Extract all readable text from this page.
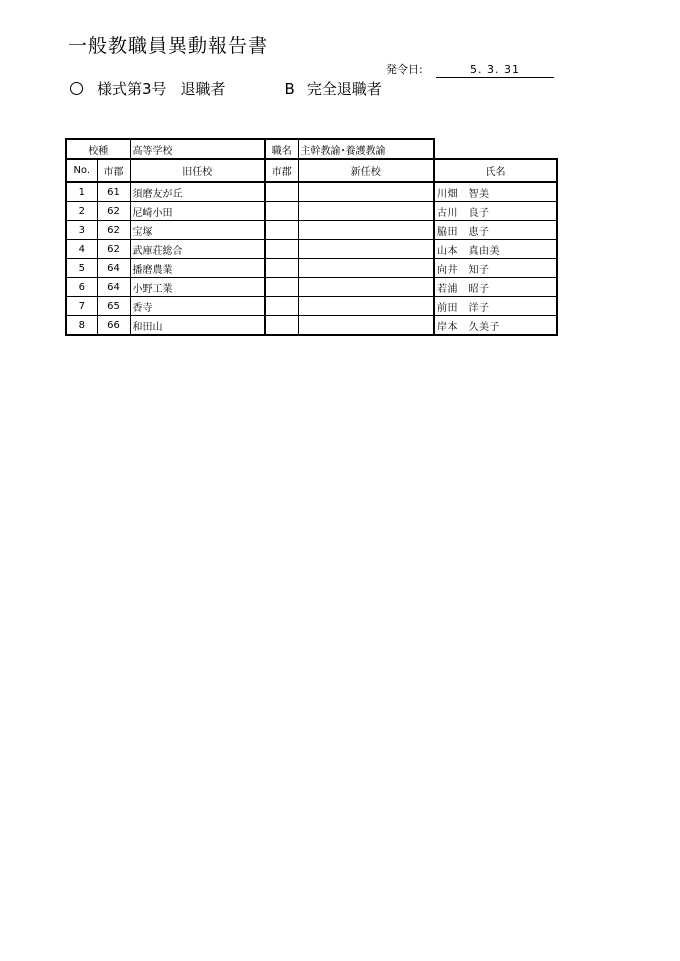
一般教職員異動報告書
発令日:	5. 3. 31
様式第3号 退職者	B 完全退職者
校種		高等学校	職名	主幹教諭･養護教諭	
No.	市郡	旧任校	市郡	新任校	氏名
1	61	須磨友が丘			川畑　智美
2	62	尼崎小田			古川　良子
3	62	宝塚			脇田　恵子
4	62	武庫荘総合			山本　真由美
5	64	播磨農業			向井　知子
6	64	小野工業			若浦　昭子
7	65	香寺			前田　洋子
8	66	和田山			岸本　久美子
